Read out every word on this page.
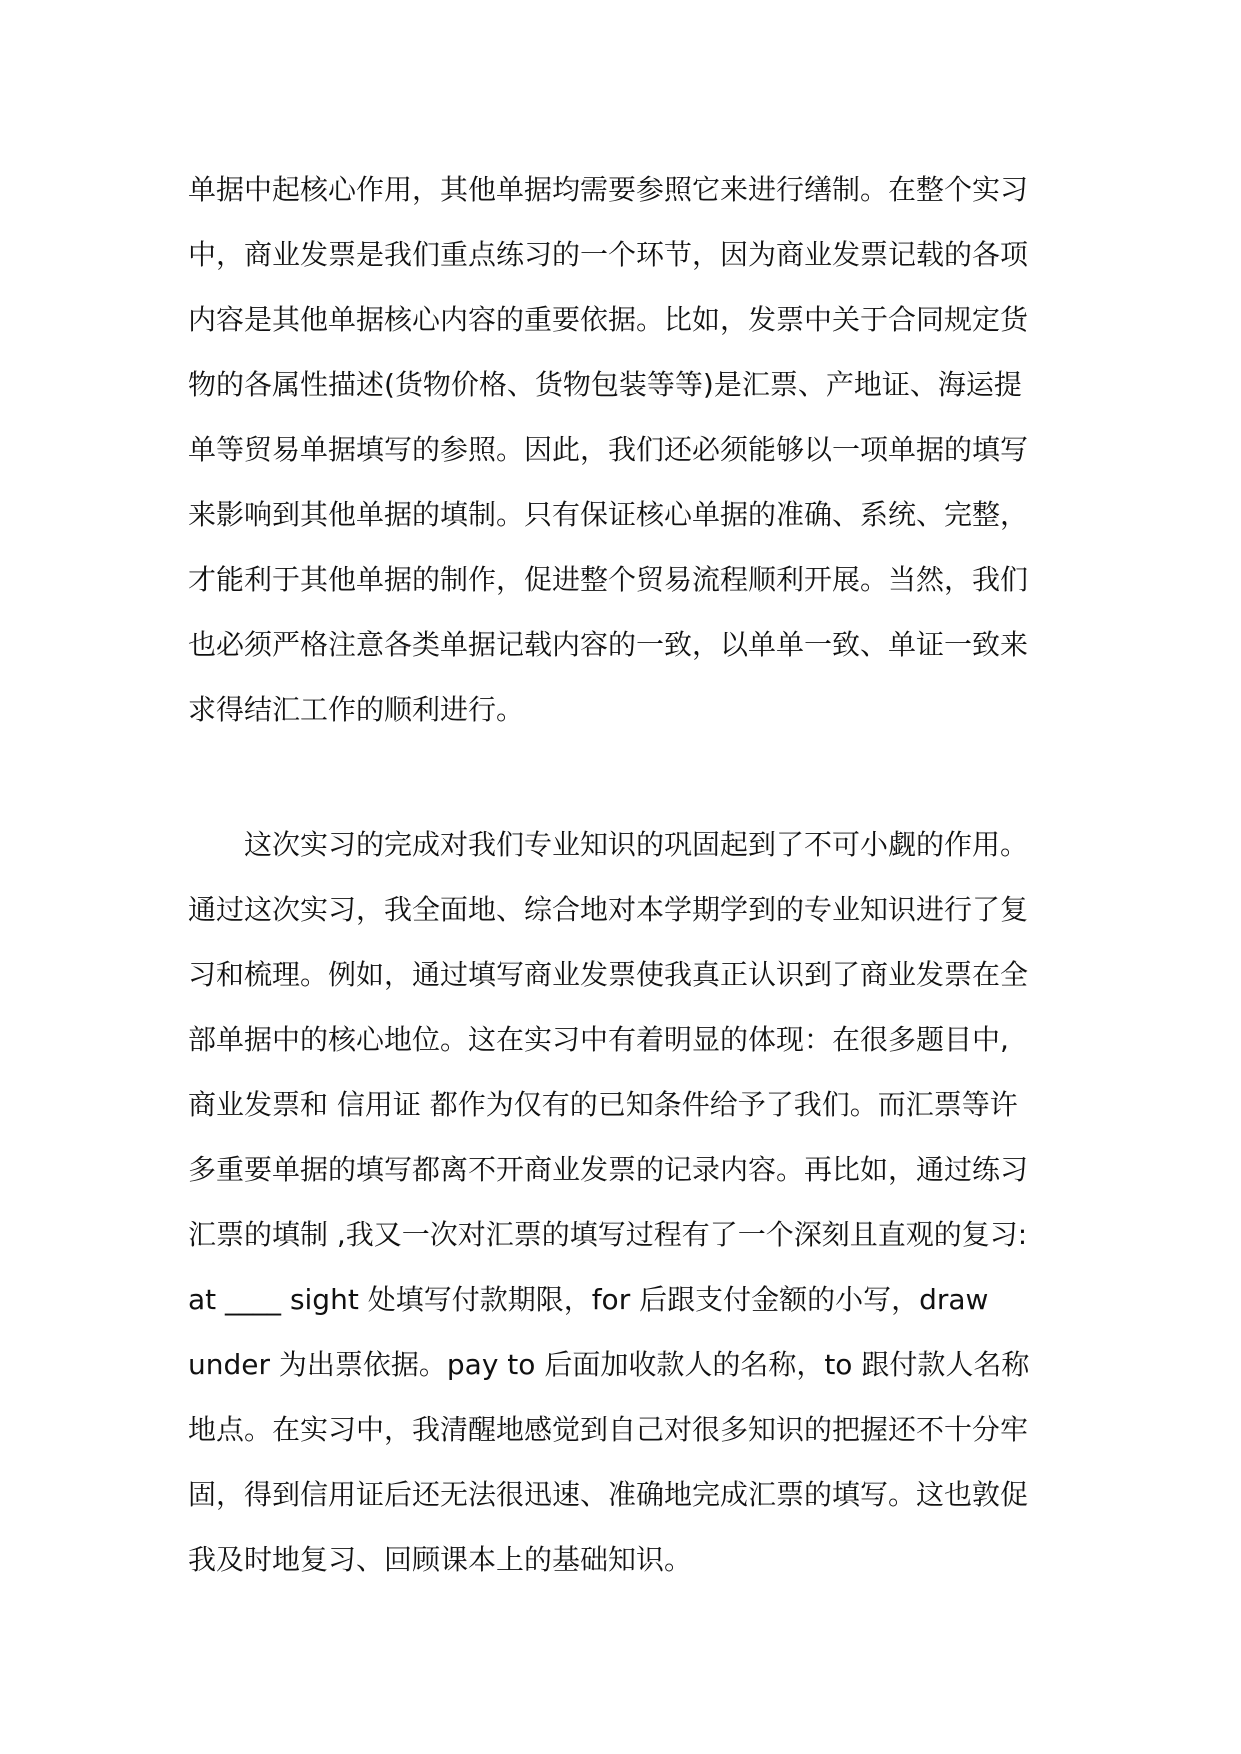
单据中起核心作用，其他单据均需要参照它来进行缮制。在整个实习
中，商业发票是我们重点练习的一个环节，因为商业发票记载的各项
内容是其他单据核心内容的重要依据。比如，发票中关于合同规定货
物的各属性描述(货物价格、货物包装等等)是汇票、产地证、海运提
单等贸易单据填写的参照。因此，我们还必须能够以一项单据的填写
来影响到其他单据的填制。只有保证核心单据的准确、系统、完整，
才能利于其他单据的制作，促进整个贸易流程顺利开展。当然，我们
也必须严格注意各类单据记载内容的一致，以单单一致、单证一致来
求得结汇工作的顺利进行。
　　这次实习的完成对我们专业知识的巩固起到了不可小觑的作用。
通过这次实习，我全面地、综合地对本学期学到的专业知识进行了复
习和梳理。例如，通过填写商业发票使我真正认识到了商业发票在全
部单据中的核心地位。这在实习中有着明显的体现：在很多题目中,
商业发票和 信用证 都作为仅有的已知条件给予了我们。而汇票等许
多重要单据的填写都离不开商业发票的记录内容。再比如，通过练习
汇票的填制 ,我又一次对汇票的填写过程有了一个深刻且直观的复习:
at ____ sight 处填写付款期限，for 后跟支付金额的小写，draw
under 为出票依据。pay to 后面加收款人的名称，to 跟付款人名称
地点。在实习中，我清醒地感觉到自己对很多知识的把握还不十分牢
固，得到信用证后还无法很迅速、准确地完成汇票的填写。这也敦促
我及时地复习、回顾课本上的基础知识。
